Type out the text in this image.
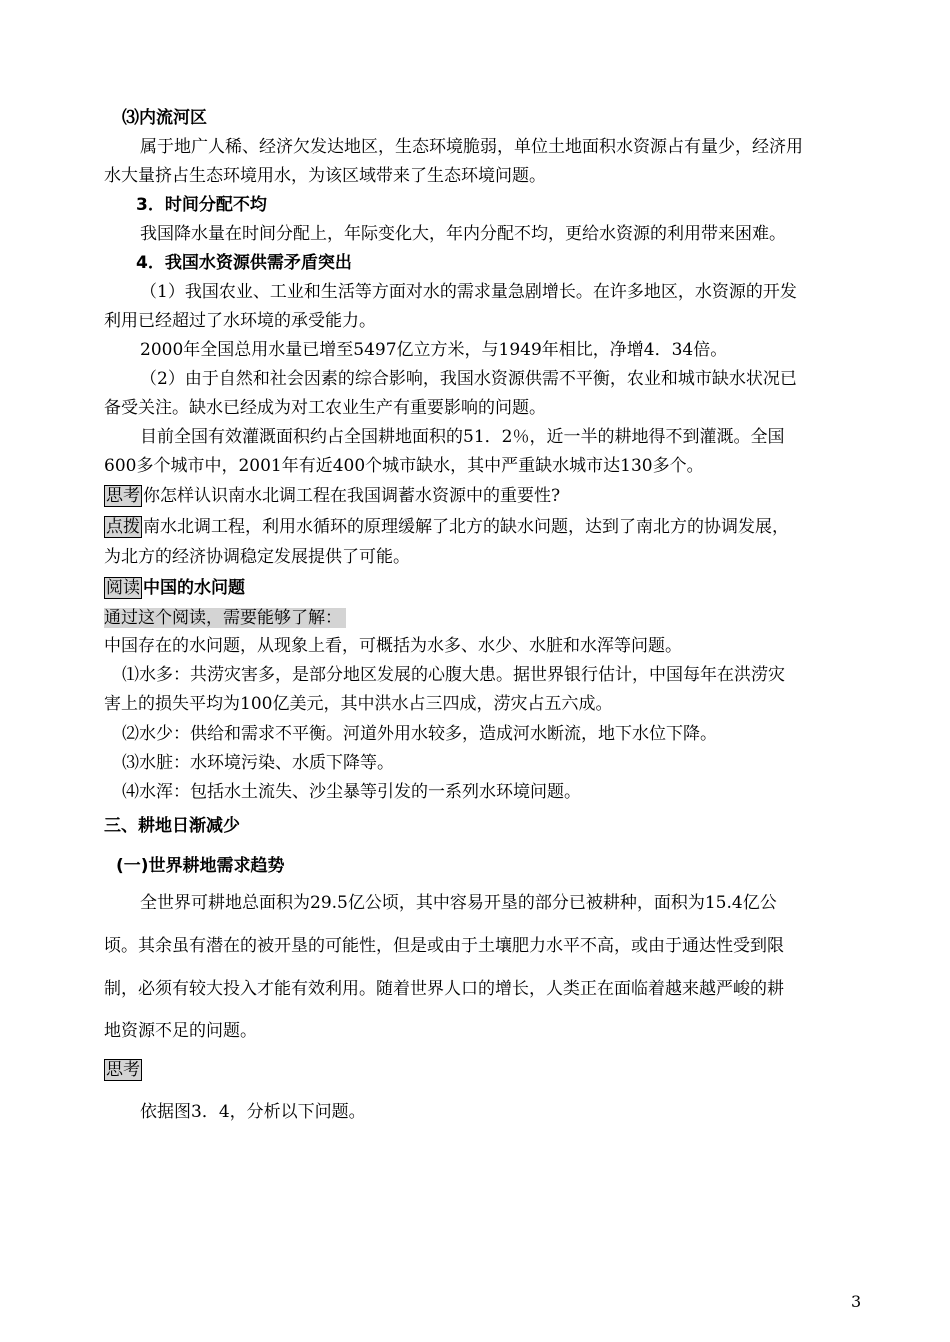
⑶内流河区
属于地广人稀、经济欠发达地区，生态环境脆弱，单位土地面积水资源占有量少，经济用
水大量挤占生态环境用水，为该区域带来了生态环境问题。
3．时间分配不均
我国降水量在时间分配上，年际变化大，年内分配不均，更给水资源的利用带来困难。
4．我国水资源供需矛盾突出
（1）我国农业、工业和生活等方面对水的需求量急剧增长。在许多地区，水资源的开发
利用已经超过了水环境的承受能力。
2000年全国总用水量已增至5497亿立方米，与1949年相比，净增4．34倍。
（2）由于自然和社会因素的综合影响，我国水资源供需不平衡，农业和城市缺水状况已
备受关注。缺水已经成为对工农业生产有重要影响的问题。
目前全国有效灌溉面积约占全国耕地面积的51．2％，近一半的耕地得不到灌溉。全国
600多个城市中，2001年有近400个城市缺水，其中严重缺水城市达130多个。
思考 你怎样认识南水北调工程在我国调蓄水资源中的重要性?
点拨 南水北调工程，利用水循环的原理缓解了北方的缺水问题，达到了南北方的协调发展，
为北方的经济协调稳定发展提供了可能。
阅读 中国的水问题
通过这个阅读，需要能够了解：
中国存在的水问题，从现象上看，可概括为水多、水少、水脏和水浑等问题。
⑴水多：共涝灾害多，是部分地区发展的心腹大患。据世界银行估计，中国每年在洪涝灾
害上的损失平均为100亿美元，其中洪水占三四成，涝灾占五六成。
⑵水少：供给和需求不平衡。河道外用水较多，造成河水断流，地下水位下降。
⑶水脏：水环境污染、水质下降等。
⑷水浑：包括水土流失、沙尘暴等引发的一系列水环境问题。
三、耕地日渐减少
(一)世界耕地需求趋势
全世界可耕地总面积为29.5亿公顷，其中容易开垦的部分已被耕种，面积为15.4亿公
顷。其余虽有潜在的被开垦的可能性，但是或由于土壤肥力水平不高，或由于通达性受到限
制，必须有较大投入才能有效利用。随着世界人口的增长，人类正在面临着越来越严峻的耕
地资源不足的问题。
思考
依据图3．4，分析以下问题。
3
